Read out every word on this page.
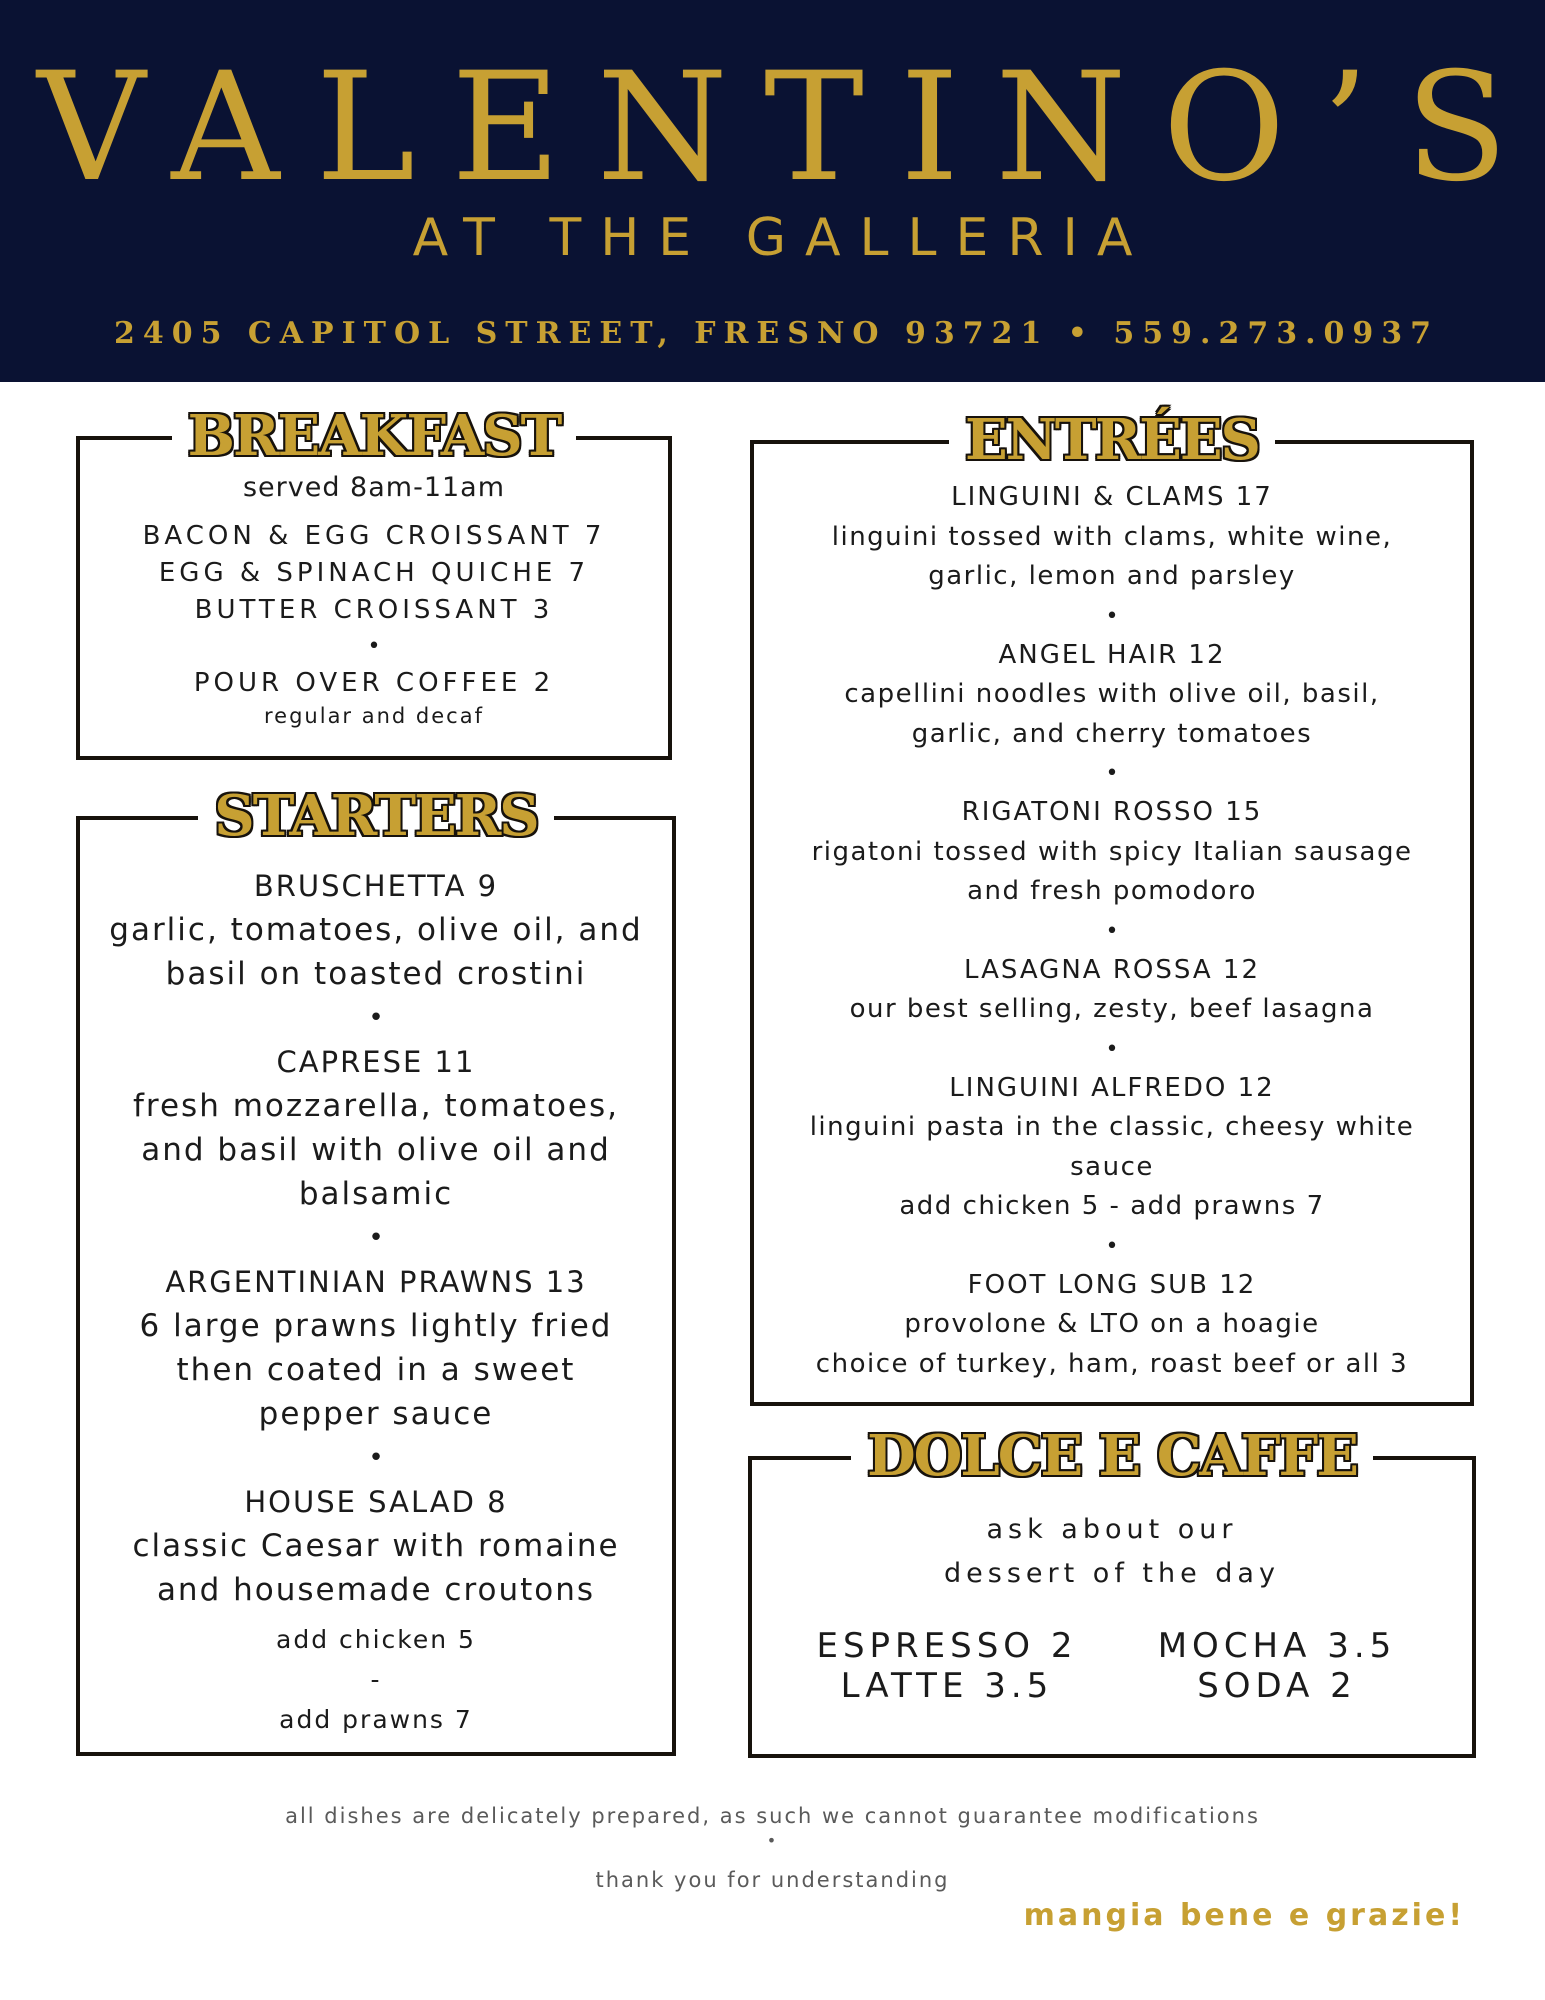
VALENTINO’S
AT THE GALLERIA
2405 CAPITOL STREET, FRESNO 93721 • 559.273.0937
BREAKFAST
served 8am-11am
BACON & EGG CROISSANT 7
EGG & SPINACH QUICHE 7
BUTTER CROISSANT 3
•
POUR OVER COFFEE 2
regular and decaf
STARTERS
BRUSCHETTA 9
garlic, tomatoes, olive oil, and
basil on toasted crostini
•
CAPRESE 11
fresh mozzarella, tomatoes,
and basil with olive oil and
balsamic
•
ARGENTINIAN PRAWNS 13
6 large prawns lightly fried
then coated in a sweet
pepper sauce
•
HOUSE SALAD 8
classic Caesar with romaine
and housemade croutons
add chicken 5
-
add prawns 7
ENTRÉES
LINGUINI & CLAMS 17
linguini tossed with clams, white wine,
garlic, lemon and parsley
•
ANGEL HAIR 12
capellini noodles with olive oil, basil,
garlic, and cherry tomatoes
•
RIGATONI ROSSO 15
rigatoni tossed with spicy Italian sausage
and fresh pomodoro
•
LASAGNA ROSSA 12
our best selling, zesty, beef lasagna
•
LINGUINI ALFREDO 12
linguini pasta in the classic, cheesy white
sauce
add chicken 5 - add prawns 7
•
FOOT LONG SUB 12
provolone & LTO on a hoagie
choice of turkey, ham, roast beef or all 3
DOLCE E CAFFE
ask about our
dessert of the day
ESPRESSO 2
LATTE 3.5
MOCHA 3.5
SODA 2
all dishes are delicately prepared, as such we cannot guarantee modifications
•
thank you for understanding
mangia bene e grazie!
